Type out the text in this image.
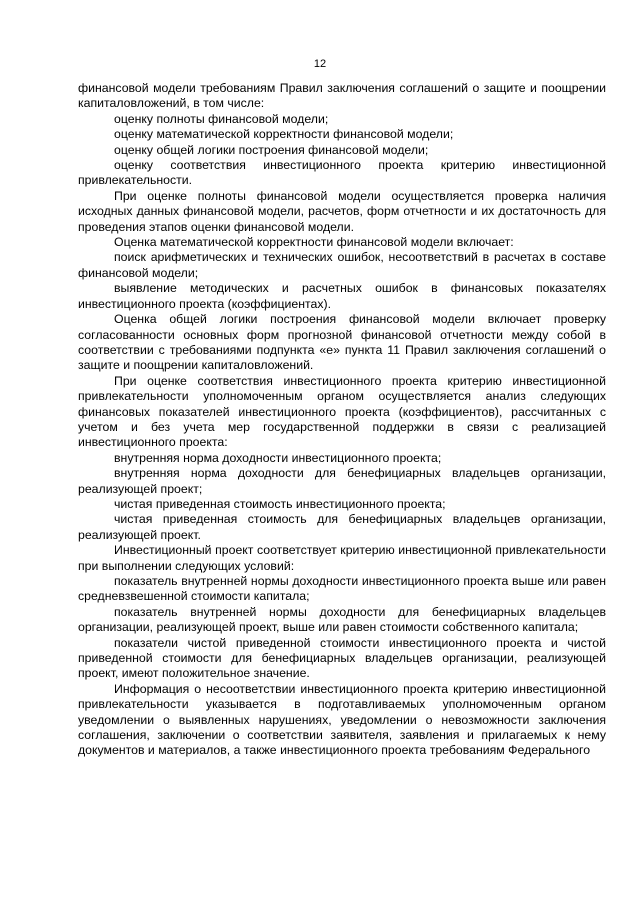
12

финансовой модели требованиям Правил заключения соглашений о защите и поощрении капиталовложений, в том числе:

оценку полноты финансовой модели;

оценку математической корректности финансовой модели;

оценку общей логики построения финансовой модели;

оценку соответствия инвестиционного проекта критерию инвестиционной привлекательности.

При оценке полноты финансовой модели осуществляется проверка наличия исходных данных финансовой модели, расчетов, форм отчетности и их достаточность для проведения этапов оценки финансовой модели.

Оценка математической корректности финансовой модели включает:

поиск арифметических и технических ошибок, несоответствий в расчетах в составе финансовой модели;

выявление методических и расчетных ошибок в финансовых показателях инвестиционного проекта (коэффициентах).

Оценка общей логики построения финансовой модели включает проверку согласованности основных форм прогнозной финансовой отчетности между собой в соответствии с требованиями подпункта «е» пункта 11 Правил заключения соглашений о защите и поощрении капиталовложений.

При оценке соответствия инвестиционного проекта критерию инвестиционной привлекательности уполномоченным органом осуществляется анализ следующих финансовых показателей инвестиционного проекта (коэффициентов), рассчитанных с учетом и без учета мер государственной поддержки в связи с реализацией инвестиционного проекта:

внутренняя норма доходности инвестиционного проекта;

внутренняя норма доходности для бенефициарных владельцев организации, реализующей проект;

чистая приведенная стоимость инвестиционного проекта;

чистая приведенная стоимость для бенефициарных владельцев организации, реализующей проект.

Инвестиционный проект соответствует критерию инвестиционной привлекательности при выполнении следующих условий:

показатель внутренней нормы доходности инвестиционного проекта выше или равен средневзвешенной стоимости капитала;

показатель внутренней нормы доходности для бенефициарных владельцев организации, реализующей проект, выше или равен стоимости собственного капитала;

показатели чистой приведенной стоимости инвестиционного проекта и чистой приведенной стоимости для бенефициарных владельцев организации, реализующей проект, имеют положительное значение.

Информация о несоответствии инвестиционного проекта критерию инвестиционной привлекательности указывается в подготавливаемых уполномоченным органом уведомлении о выявленных нарушениях, уведомлении о невозможности заключения соглашения, заключении о соответствии заявителя, заявления и прилагаемых к нему документов и материалов, а также инвестиционного проекта требованиям Федерального
